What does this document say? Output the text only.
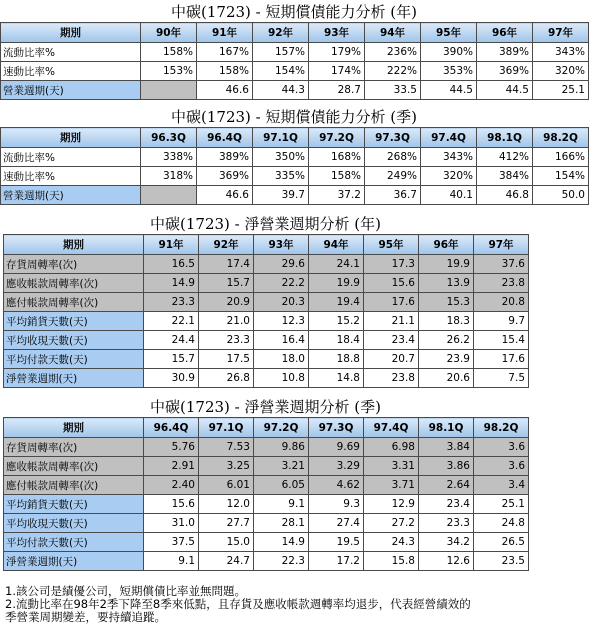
中碳(1723) - 短期償債能力分析 (年)
期別	90年	91年	92年	93年	94年	95年	96年	97年
流動比率%	158%	167%	157%	179%	236%	390%	389%	343%
速動比率%	153%	158%	154%	174%	222%	353%	369%	320%
營業週期(天)		46.6	44.3	28.7	33.5	44.5	44.5	25.1
中碳(1723) - 短期償債能力分析 (季)
期別	96.3Q	96.4Q	97.1Q	97.2Q	97.3Q	97.4Q	98.1Q	98.2Q
流動比率%	338%	389%	350%	168%	268%	343%	412%	166%
速動比率%	318%	369%	335%	158%	249%	320%	384%	154%
營業週期(天)		46.6	39.7	37.2	36.7	40.1	46.8	50.0
中碳(1723) - 淨營業週期分析 (年)
期別	91年	92年	93年	94年	95年	96年	97年
存貨周轉率(次)	16.5	17.4	29.6	24.1	17.3	19.9	37.6
應收帳款周轉率(次)	14.9	15.7	22.2	19.9	15.6	13.9	23.8
應付帳款周轉率(次)	23.3	20.9	20.3	19.4	17.6	15.3	20.8
平均銷貨天數(天)	22.1	21.0	12.3	15.2	21.1	18.3	9.7
平均收現天數(天)	24.4	23.3	16.4	18.4	23.4	26.2	15.4
平均付款天數(天)	15.7	17.5	18.0	18.8	20.7	23.9	17.6
淨營業週期(天)	30.9	26.8	10.8	14.8	23.8	20.6	7.5
中碳(1723) - 淨營業週期分析 (季)
期別	96.4Q	97.1Q	97.2Q	97.3Q	97.4Q	98.1Q	98.2Q
存貨周轉率(次)	5.76	7.53	9.86	9.69	6.98	3.84	3.6
應收帳款周轉率(次)	2.91	3.25	3.21	3.29	3.31	3.86	3.6
應付帳款周轉率(次)	2.40	6.01	6.05	4.62	3.71	2.64	3.4
平均銷貨天數(天)	15.6	12.0	9.1	9.3	12.9	23.4	25.1
平均收現天數(天)	31.0	27.7	28.1	27.4	27.2	23.3	24.8
平均付款天數(天)	37.5	15.0	14.9	19.5	24.3	34.2	26.5
淨營業週期(天)	9.1	24.7	22.3	17.2	15.8	12.6	23.5
1.該公司是績優公司，短期償債比率並無問題。
2.流動比率在98年2季下降至8季來低點，且存貨及應收帳款週轉率均退步，代表經營績效的
季營業周期變差，要持續追蹤。
